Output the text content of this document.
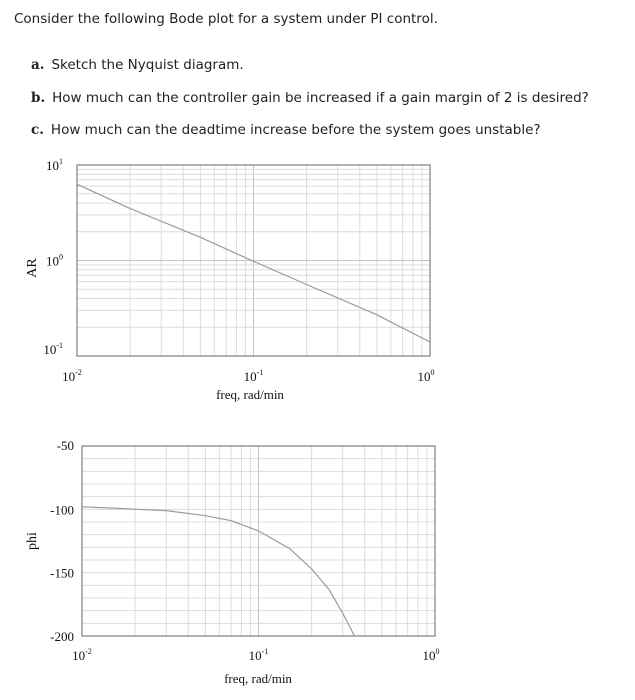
Consider the following Bode plot for a system under PI control.
a. Sketch the Nyquist diagram.
b. How much can the controller gain be increased if a gain margin of 2 is desired?
c. How much can the deadtime increase before the system goes unstable?
AR
freq, rad/min
$10^1$
$10^0$
$10^{-1}$
$10^{-2}$	$10^{-1}$	$10^0$
phi
freq, rad/min
-50
-100
-150
-200
$10^{-2}$	$10^{-1}$	$10^0$
